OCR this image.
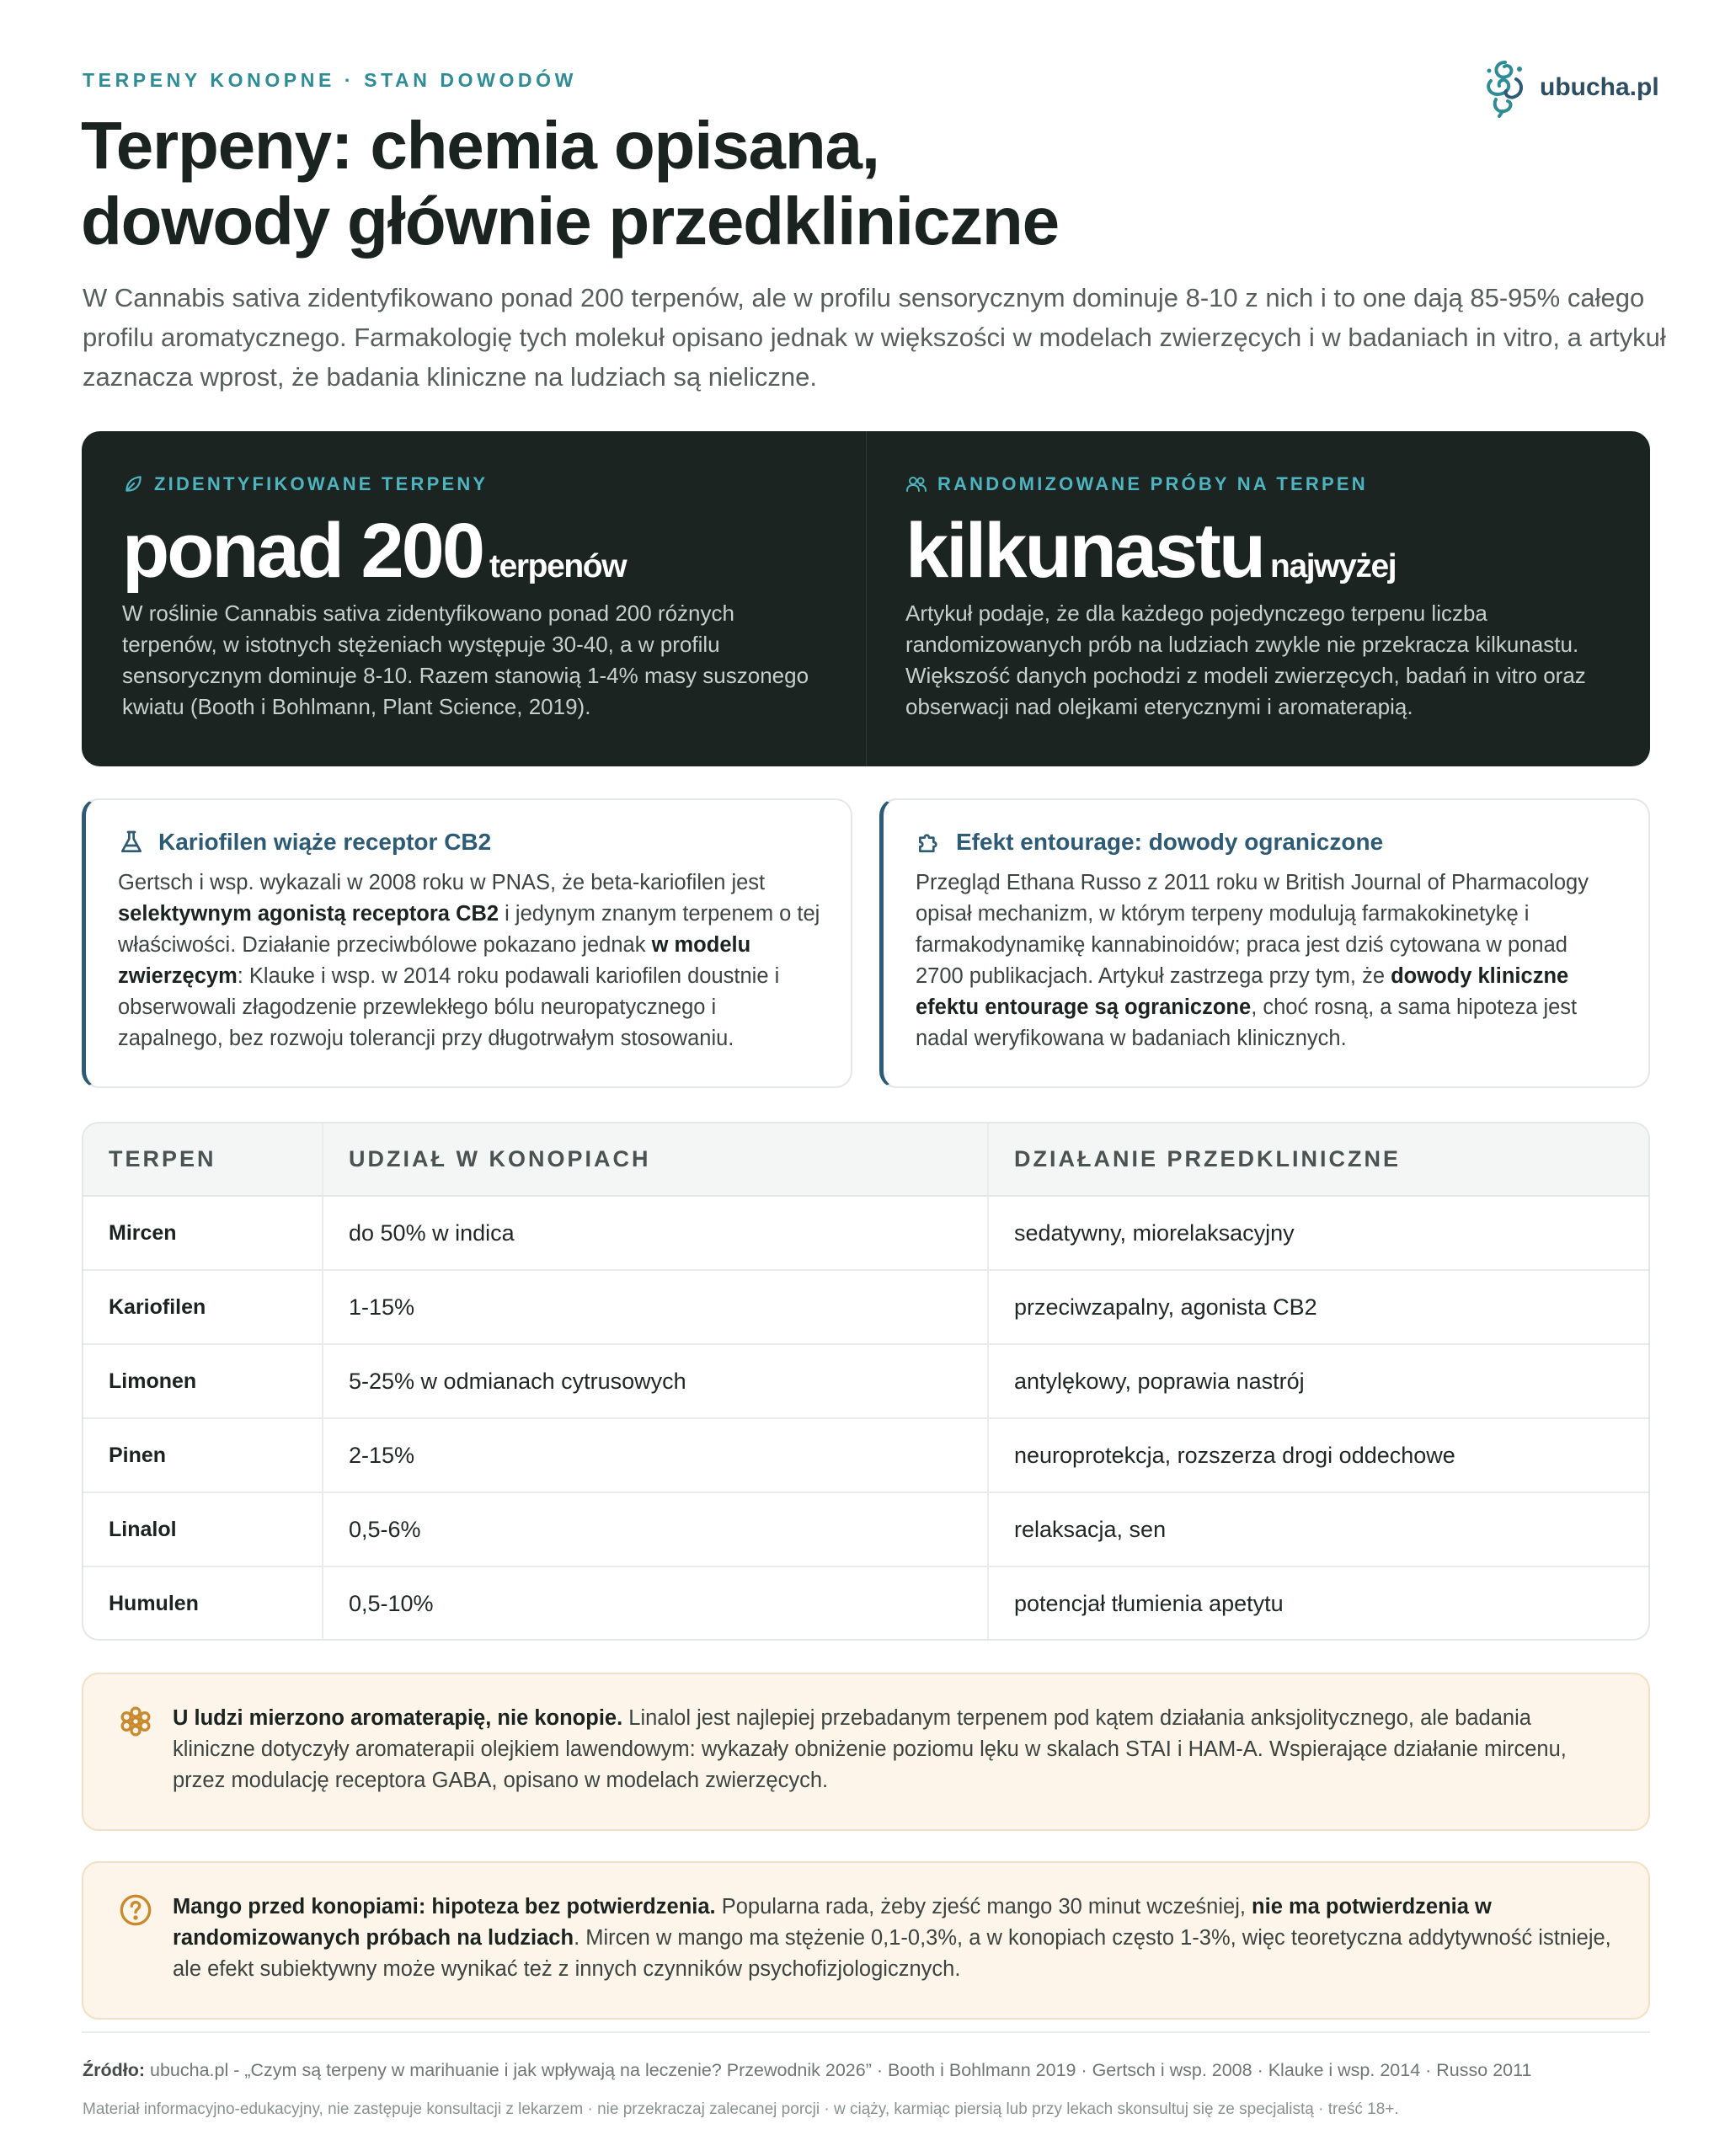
TERPENY KONOPNE · STAN DOWODÓW	ubucha.pl
Terpeny: chemia opisana,
dowody głównie przedkliniczne

W Cannabis sativa zidentyfikowano ponad 200 terpenów, ale w profilu sensorycznym dominuje 8-10 z nich i to one dają 85-95% całego profilu aromatycznego. Farmakologię tych molekuł opisano jednak w większości w modelach zwierzęcych i w badaniach in vitro, a artykuł zaznacza wprost, że badania kliniczne na ludziach są nieliczne.

ZIDENTYFIKOWANE TERPENY
ponad 200 terpenów

W roślinie Cannabis sativa zidentyfikowano ponad 200 różnych terpenów, w istotnych stężeniach występuje 30-40, a w profilu sensorycznym dominuje 8-10. Razem stanowią 1-4% masy suszonego kwiatu (Booth i Bohlmann, Plant Science, 2019).

RANDOMIZOWANE PRÓBY NA TERPEN
kilkunastu najwyżej

Artykuł podaje, że dla każdego pojedynczego terpenu liczba randomizowanych prób na ludziach zwykle nie przekracza kilkunastu. Większość danych pochodzi z modeli zwierzęcych, badań in vitro oraz obserwacji nad olejkami eterycznymi i aromaterapią.

Kariofilen wiąże receptor CB2

Gertsch i wsp. wykazali w 2008 roku w PNAS, że beta-kariofilen jest selektywnym agonistą receptora CB2 i jedynym znanym terpenem o tej właściwości. Działanie przeciwbólowe pokazano jednak w modelu zwierzęcym: Klauke i wsp. w 2014 roku podawali kariofilen doustnie i obserwowali złagodzenie przewlekłego bólu neuropatycznego i zapalnego, bez rozwoju tolerancji przy długotrwałym stosowaniu.

Efekt entourage: dowody ograniczone

Przegląd Ethana Russo z 2011 roku w British Journal of Pharmacology opisał mechanizm, w którym terpeny modulują farmakokinetykę i farmakodynamikę kannabinoidów; praca jest dziś cytowana w ponad 2700 publikacjach. Artykuł zastrzega przy tym, że dowody kliniczne efektu entourage są ograniczone, choć rosną, a sama hipoteza jest nadal weryfikowana w badaniach klinicznych.

TERPEN	UDZIAŁ W KONOPIACH	DZIAŁANIE PRZEDKLINICZNE
Mircen	do 50% w indica	sedatywny, miorelaksacyjny
Kariofilen	1-15%	przeciwzapalny, agonista CB2
Limonen	5-25% w odmianach cytrusowych	antylękowy, poprawia nastrój
Pinen	2-15%	neuroprotekcja, rozszerza drogi oddechowe
Linalol	0,5-6%	relaksacja, sen
Humulen	0,5-10%	potencjał tłumienia apetytu

U ludzi mierzono aromaterapię, nie konopie. Linalol jest najlepiej przebadanym terpenem pod kątem działania anksjolitycznego, ale badania kliniczne dotyczyły aromaterapii olejkiem lawendowym: wykazały obniżenie poziomu lęku w skalach STAI i HAM-A. Wspierające działanie mircenu, przez modulację receptora GABA, opisano w modelach zwierzęcych.

Mango przed konopiami: hipoteza bez potwierdzenia. Popularna rada, żeby zjeść mango 30 minut wcześniej, nie ma potwierdzenia w randomizowanych próbach na ludziach. Mircen w mango ma stężenie 0,1-0,3%, a w konopiach często 1-3%, więc teoretyczna addytywność istnieje, ale efekt subiektywny może wynikać też z innych czynników psychofizjologicznych.

Źródło: ubucha.pl - „Czym są terpeny w marihuanie i jak wpływają na leczenie? Przewodnik 2026” · Booth i Bohlmann 2019 · Gertsch i wsp. 2008 · Klauke i wsp. 2014 · Russo 2011

Materiał informacyjno-edukacyjny, nie zastępuje konsultacji z lekarzem · nie przekraczaj zalecanej porcji · w ciąży, karmiąc piersią lub przy lekach skonsultuj się ze specjalistą · treść 18+.
